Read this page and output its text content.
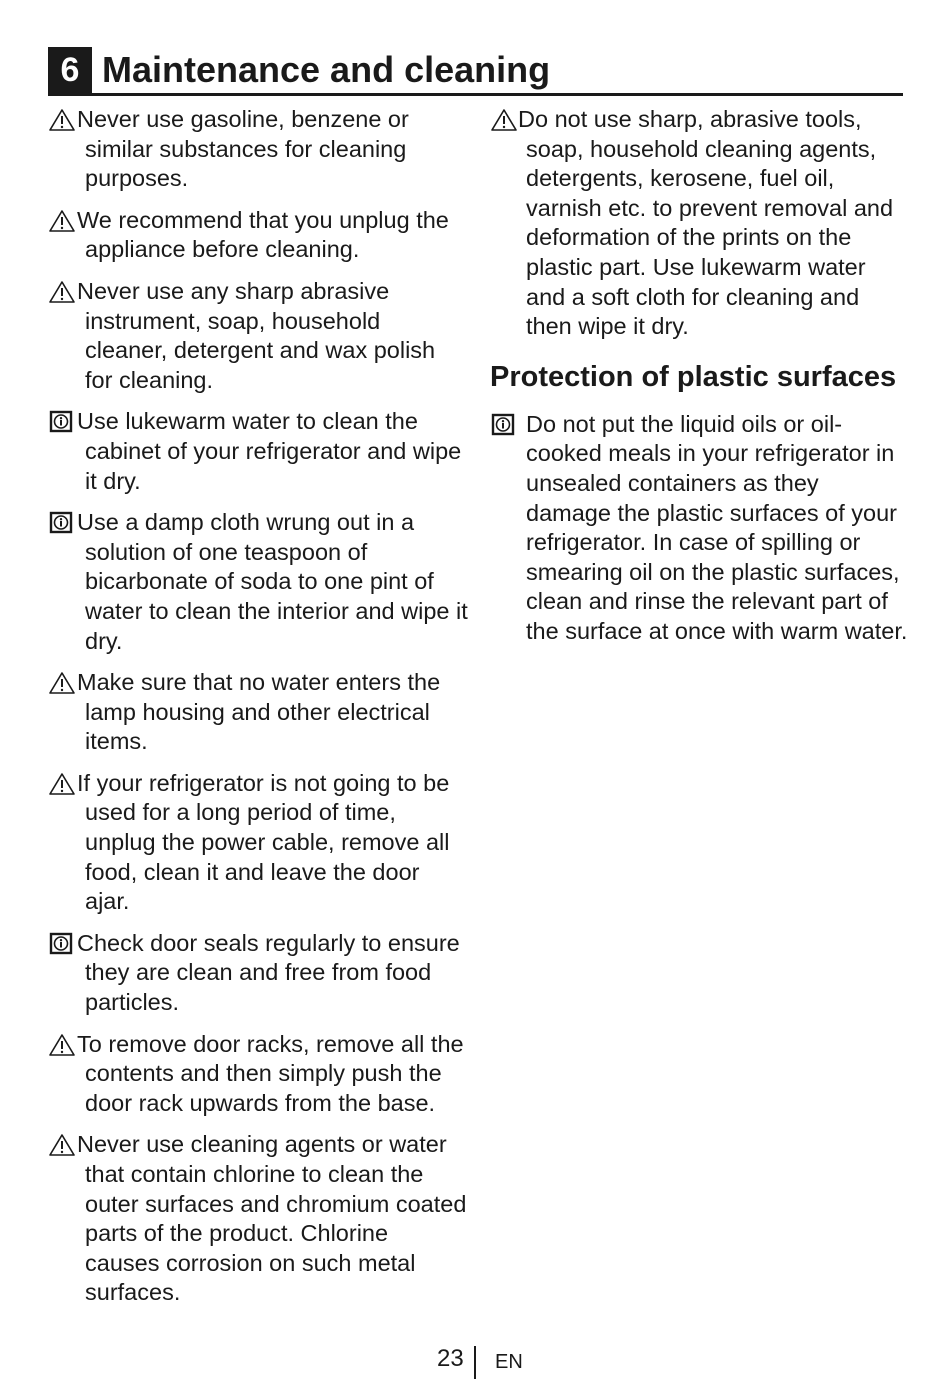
6 Maintenance and cleaning

Never use gasoline, benzene or similar substances for cleaning purposes.

We recommend that you unplug the appliance before cleaning.

Never use any sharp abrasive instrument, soap, household cleaner, detergent and wax polish for cleaning.

Use lukewarm water to clean the cabinet of your refrigerator and wipe it dry.

Use a damp cloth wrung out in a solution of one teaspoon of bicarbonate of soda to one pint of water to clean the interior and wipe it dry.

Make sure that no water enters the lamp housing and other electrical items.

If your refrigerator is not going to be used for a long period of time, unplug the power cable, remove all food, clean it and leave the door ajar.

Check door seals regularly to ensure they are clean and free from food particles.

To remove door racks, remove all the contents and then simply push the door rack upwards from the base.

Never use cleaning agents or water that contain chlorine to clean the outer surfaces and chromium coated parts of the product. Chlorine causes corrosion on such metal surfaces.

Do not use sharp, abrasive tools, soap, household cleaning agents, detergents, kerosene, fuel oil, varnish etc. to prevent removal and deformation of the prints on the plastic part. Use lukewarm water and a soft cloth for cleaning and then wipe it dry.

Protection of plastic surfaces

Do not put the liquid oils or oil-cooked meals in your refrigerator in unsealed containers as they damage the plastic surfaces of your refrigerator. In case of spilling or smearing oil on the plastic surfaces, clean and rinse the relevant part of the surface at once with warm water.

23 EN
